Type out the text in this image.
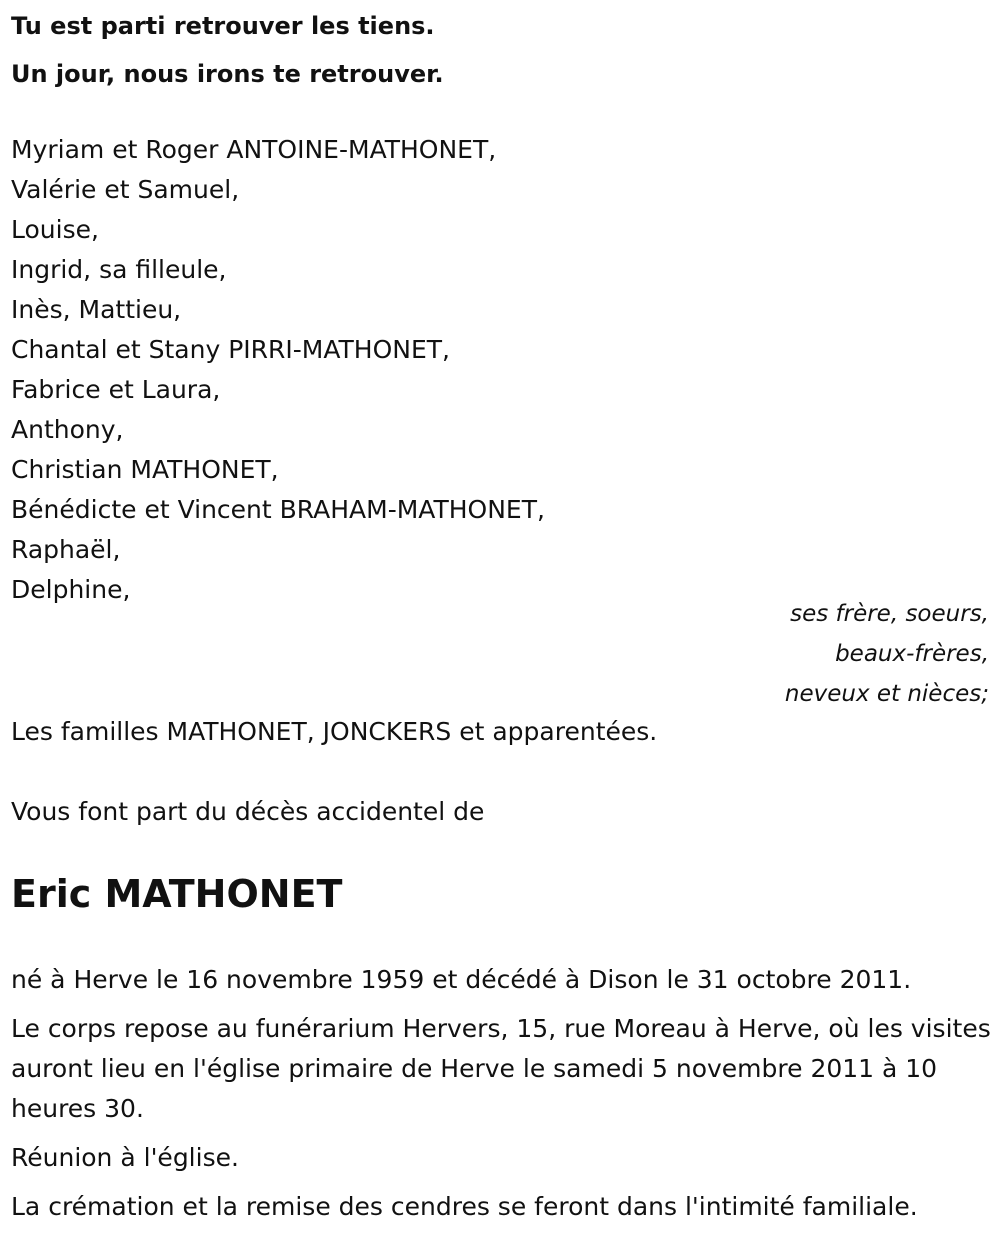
Tu est parti retrouver les tiens.
Un jour, nous irons te retrouver.
Myriam et Roger ANTOINE-MATHONET,
Valérie et Samuel,
Louise,
Ingrid, sa filleule,
Inès, Mattieu,
Chantal et Stany PIRRI-MATHONET,
Fabrice et Laura,
Anthony,
Christian MATHONET,
Bénédicte et Vincent BRAHAM-MATHONET,
Raphaël,
Delphine,
ses frère, soeurs,
beaux-frères,
neveux et nièces;
Les familles MATHONET, JONCKERS et apparentées.
Vous font part du décès accidentel de
Eric MATHONET

né à Herve le 16 novembre 1959 et décédé à Dison le 31 octobre 2011.

Le corps repose au funérarium Hervers, 15, rue Moreau à Herve, où les visites auront lieu en l'église primaire de Herve le samedi 5 novembre 2011 à 10 heures 30.

Réunion à l'église.

La crémation et la remise des cendres se feront dans l'intimité familiale.
